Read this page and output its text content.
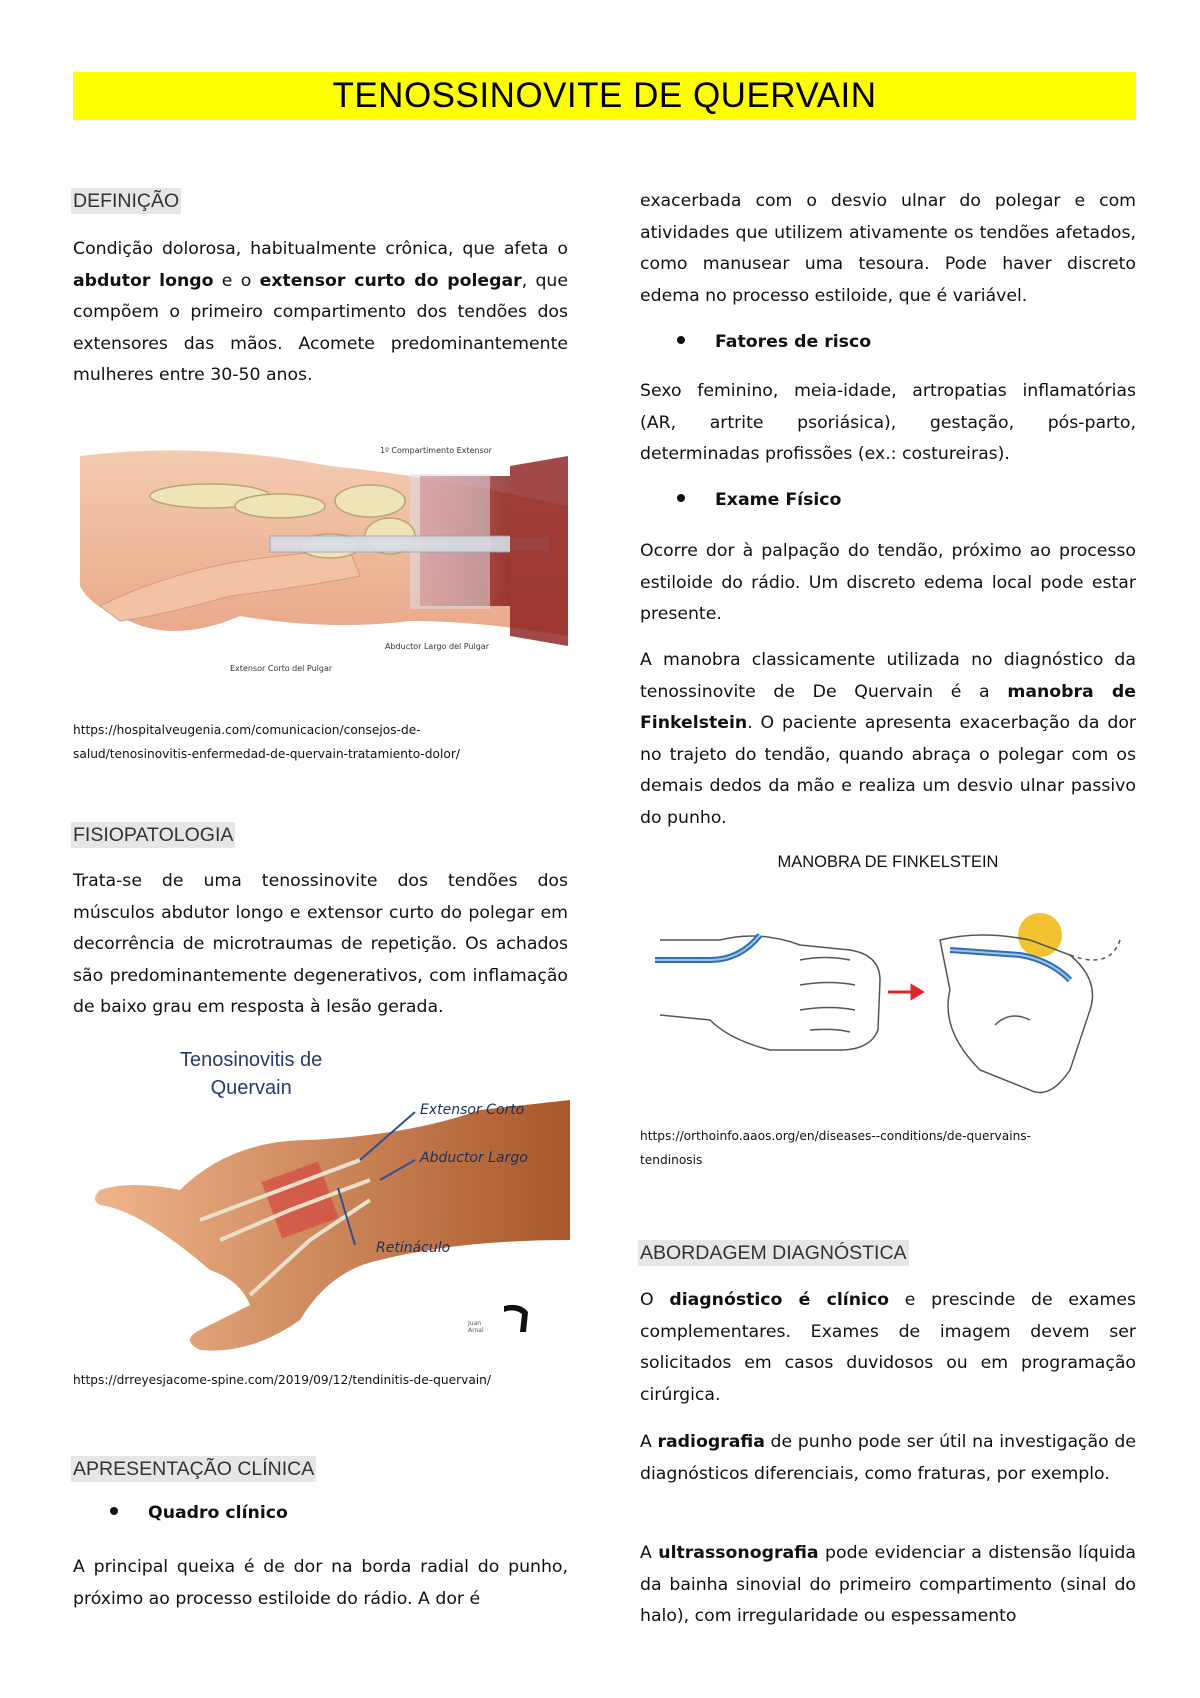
TENOSSINOVITE DE QUERVAIN
DEFINIÇÃO

Condição dolorosa, habitualmente crônica, que afeta o abdutor longo e o extensor curto do polegar, que compõem o primeiro compartimento dos tendões dos extensores das mãos. Acomete predominantemente mulheres entre 30-50 anos.

1º Compartimento Extensor
Abductor Largo del Pulgar
Extensor Corto del Pulgar
https://hospitalveugenia.com/comunicacion/consejos-de-
salud/tenosinovitis-enfermedad-de-quervain-tratamiento-dolor/
FISIOPATOLOGIA

Trata-se de uma tenossinovite dos tendões dos músculos abdutor longo e extensor curto do polegar em decorrência de microtraumas de repetição. Os achados são predominantemente degenerativos, com inflamação de baixo grau em resposta à lesão gerada.

Tenosinovitis de
Quervain
Extensor Corto
Abductor Largo
Retináculo
Juan
Arnal
https://drreyesjacome-spine.com/2019/09/12/tendinitis-de-quervain/
APRESENTAÇÃO CLÍNICA
Quadro clínico

A principal queixa é de dor na borda radial do punho, próximo ao processo estiloide do rádio. A dor é

exacerbada com o desvio ulnar do polegar e com atividades que utilizem ativamente os tendões afetados, como manusear uma tesoura. Pode haver discreto edema no processo estiloide, que é variável.

Fatores de risco

Sexo feminino, meia-idade, artropatias inflamatórias (AR, artrite psoriásica), gestação, pós-parto, determinadas profissões (ex.: costureiras).

Exame Físico

Ocorre dor à palpação do tendão, próximo ao processo estiloide do rádio. Um discreto edema local pode estar presente.

A manobra classicamente utilizada no diagnóstico da tenossinovite de De Quervain é a manobra de Finkelstein. O paciente apresenta exacerbação da dor no trajeto do tendão, quando abraça o polegar com os demais dedos da mão e realiza um desvio ulnar passivo do punho.

MANOBRA DE FINKELSTEIN
https://orthoinfo.aaos.org/en/diseases--conditions/de-quervains-
tendinosis
ABORDAGEM DIAGNÓSTICA

O diagnóstico é clínico e prescinde de exames complementares. Exames de imagem devem ser solicitados em casos duvidosos ou em programação cirúrgica.

A radiografia de punho pode ser útil na investigação de diagnósticos diferenciais, como fraturas, por exemplo.

A ultrassonografia pode evidenciar a distensão líquida da bainha sinovial do primeiro compartimento (sinal do halo), com irregularidade ou espessamento
